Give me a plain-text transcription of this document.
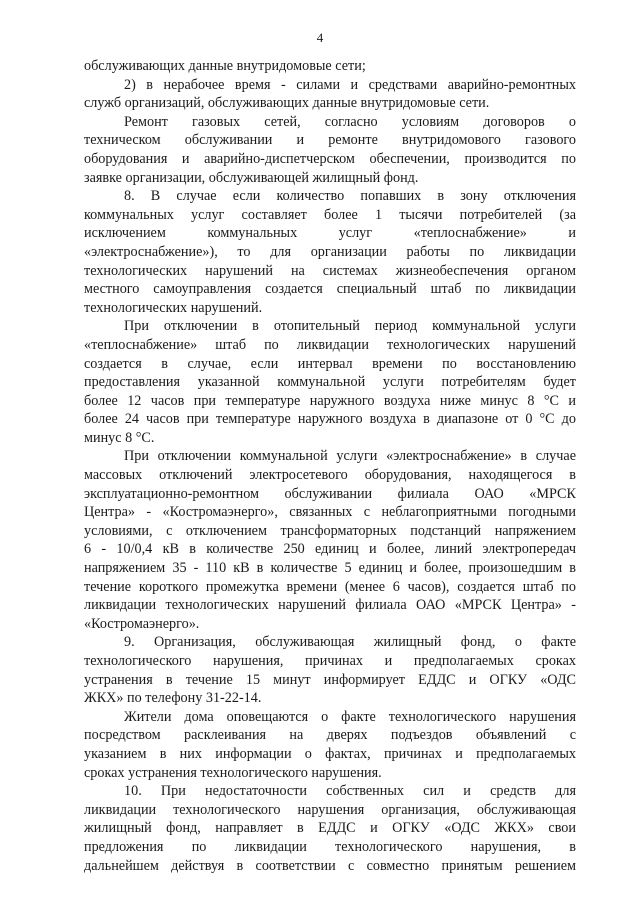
4
обслуживающих данные внутридомовые сети;
2) в нерабочее время - силами и средствами аварийно-ремонтных
служб организаций, обслуживающих данные внутридомовые сети.
Ремонт газовых сетей, согласно условиям договоров о
техническом обслуживании и ремонте внутридомового газового
оборудования и аварийно-диспетчерском обеспечении, производится по
заявке организации, обслуживающей жилищный фонд.
8. В случае если количество попавших в зону отключения
коммунальных услуг составляет более 1 тысячи потребителей (за
исключением коммунальных услуг «теплоснабжение» и
«электроснабжение»), то для организации работы по ликвидации
технологических нарушений на системах жизнеобеспечения органом
местного самоуправления создается специальный штаб по ликвидации
технологических нарушений.
При отключении в отопительный период коммунальной услуги
«теплоснабжение» штаб по ликвидации технологических нарушений
создается в случае, если интервал времени по восстановлению
предоставления указанной коммунальной услуги потребителям будет
более 12 часов при температуре наружного воздуха ниже минус 8 °С и
более 24 часов при температуре наружного воздуха в диапазоне от 0 °С до
минус 8 °С.
При отключении коммунальной услуги «электроснабжение» в случае
массовых отключений электросетевого оборудования, находящегося в
эксплуатационно-ремонтном обслуживании филиала ОАО «МРСК
Центра» - «Костромаэнерго», связанных с неблагоприятными погодными
условиями, с отключением трансформаторных подстанций напряжением
6 - 10/0,4 кВ в количестве 250 единиц и более, линий электропередач
напряжением 35 - 110 кВ в количестве 5 единиц и более, произошедшим в
течение короткого промежутка времени (менее 6 часов), создается штаб по
ликвидации технологических нарушений филиала ОАО «МРСК Центра» -
«Костромаэнерго».
9. Организация, обслуживающая жилищный фонд, о факте
технологического нарушения, причинах и предполагаемых сроках
устранения в течение 15 минут информирует ЕДДС и ОГКУ «ОДС
ЖКХ» по телефону 31-22-14.
Жители дома оповещаются о факте технологического нарушения
посредством расклеивания на дверях подъездов объявлений с
указанием в них информации о фактах, причинах и предполагаемых
сроках устранения технологического нарушения.
10. При недостаточности собственных сил и средств для
ликвидации технологического нарушения организация, обслуживающая
жилищный фонд, направляет в ЕДДС и ОГКУ «ОДС ЖКХ» свои
предложения по ликвидации технологического нарушения, в
дальнейшем действуя в соответствии с совместно принятым решением
